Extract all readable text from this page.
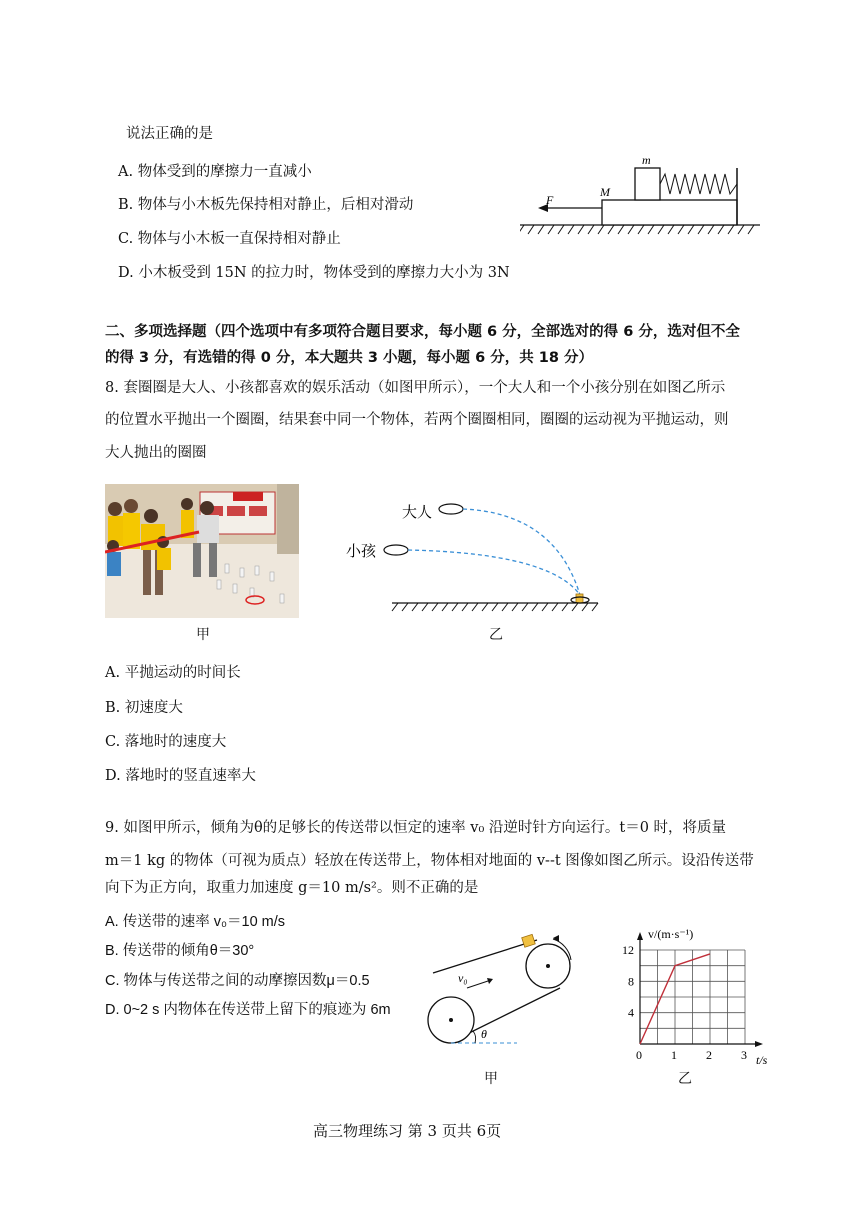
说法正确的是
A. 物体受到的摩擦力一直减小
B. 物体与小木板先保持相对静止，后相对滑动
C. 物体与小木板一直保持相对静止
D. 小木板受到 15N 的拉力时，物体受到的摩擦力大小为 3N
m
M
F
二、多项选择题（四个选项中有多项符合题目要求，每小题 6 分，全部选对的得 6 分，选对但不全
的得 3 分，有选错的得 0 分，本大题共 3 小题，每小题 6 分，共 18 分）
8. 套圈圈是大人、小孩都喜欢的娱乐活动（如图甲所示），一个大人和一个小孩分别在如图乙所示
的位置水平抛出一个圈圈，结果套中同一个物体，若两个圈圈相同，圈圈的运动视为平抛运动，则
大人抛出的圈圈
甲
大人
小孩
乙
A. 平抛运动的时间长
B. 初速度大
C. 落地时的速度大
D. 落地时的竖直速率大
9. 如图甲所示，倾角为θ的足够长的传送带以恒定的速率 v₀ 沿逆时针方向运行。t＝0 时，将质量
m＝1 kg 的物体（可视为质点）轻放在传送带上，物体相对地面的 v--t 图像如图乙所示。设沿传送带
向下为正方向，取重力加速度 g＝10 m/s²。则不正确的是
A. 传送带的速率 v₀＝10 m/s
B. 传送带的倾角θ＝30°
C. 物体与传送带之间的动摩擦因数μ＝0.5
D. 0~2 s 内物体在传送带上留下的痕迹为 6m
v₀
θ
甲
0 1 2 3
4
8
12
v/(m·s⁻¹)
t/s
乙
高三物理练习 第 3 页共 6页
